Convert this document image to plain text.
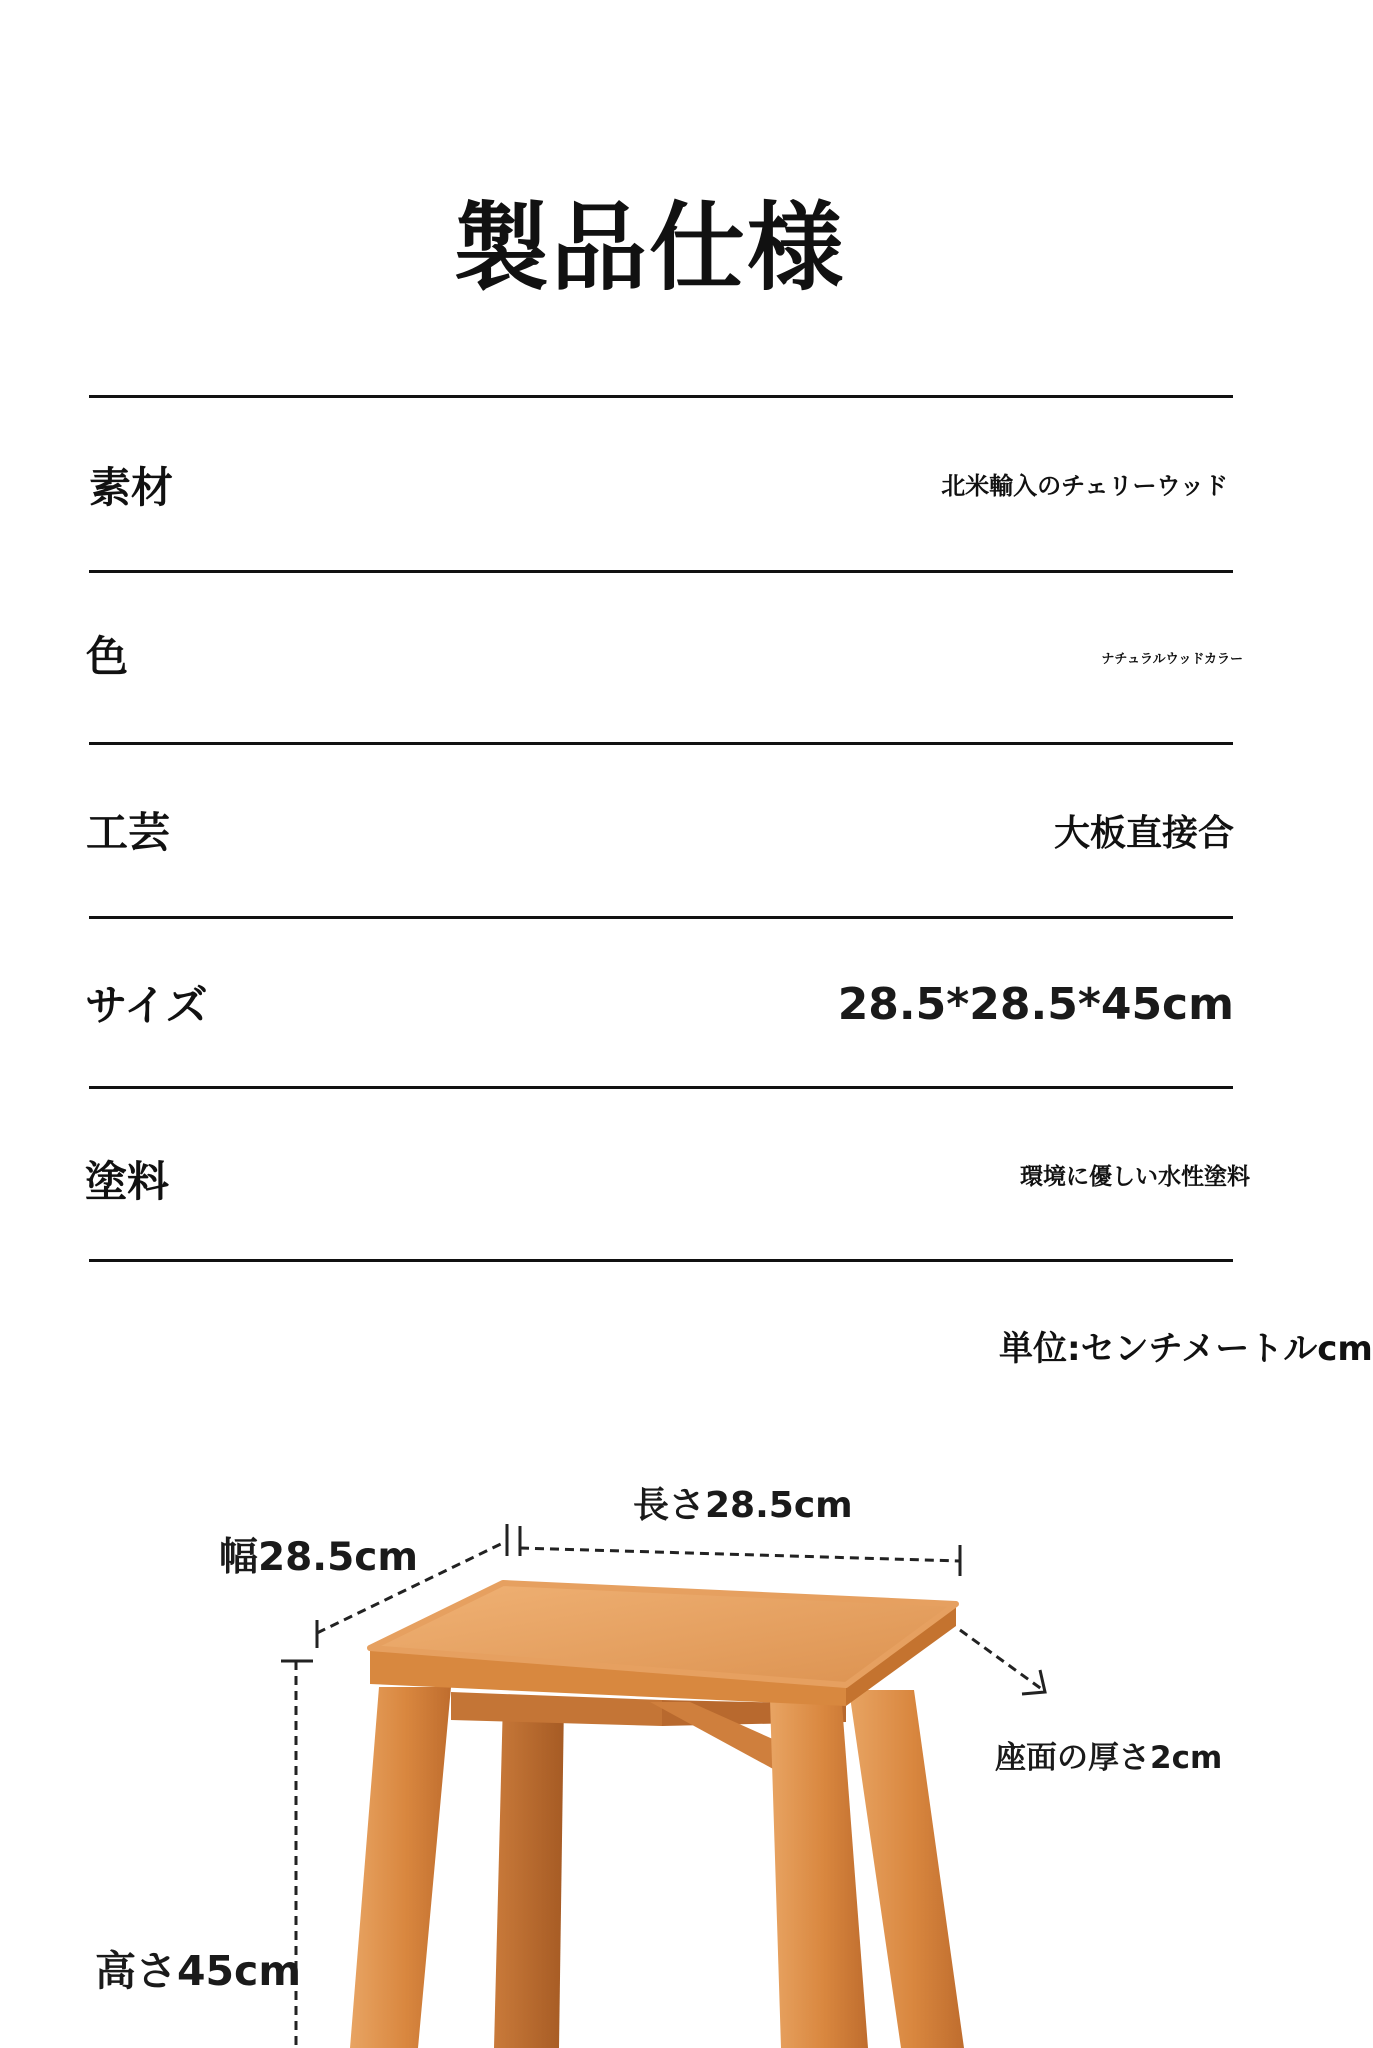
製品仕様
素材	北米輸入のチェリーウッド
色	ナチュラルウッドカラー
工芸	大板直接合
サイズ	28.5*28.5*45cm
塗料	環境に優しい水性塗料
単位:センチメートルcm
長さ28.5cm
幅28.5cm
高さ45cm
座面の厚さ2cm
